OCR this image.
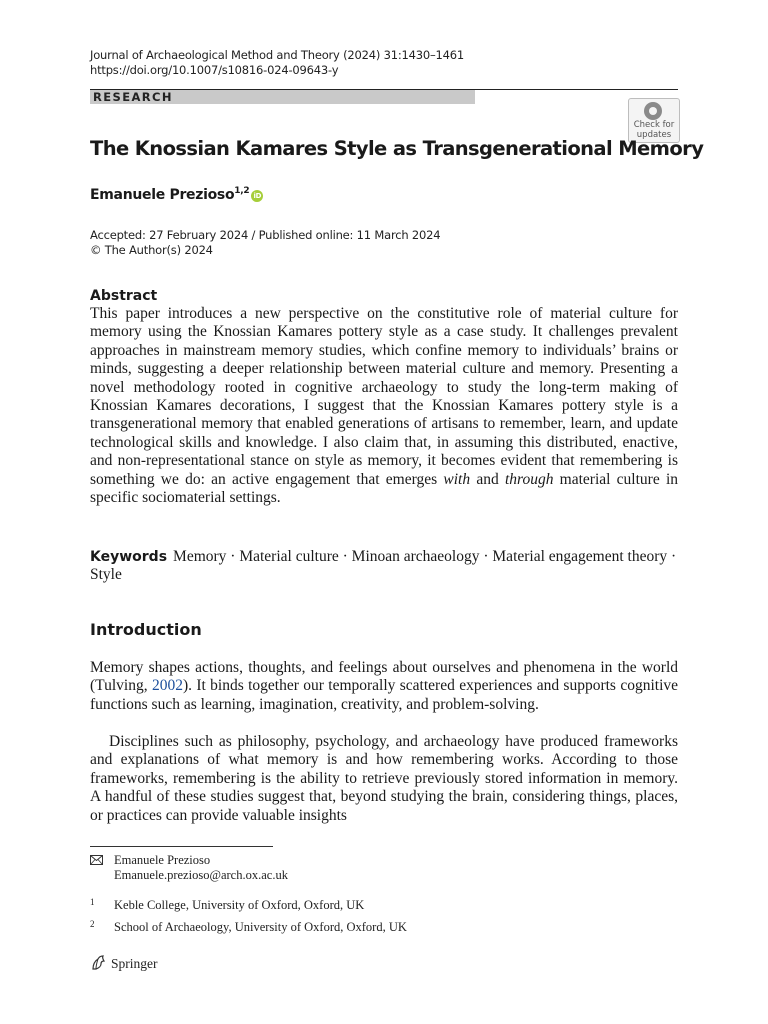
Journal of Archaeological Method and Theory (2024) 31:1430–1461
https://doi.org/10.1007/s10816-024-09643-y
RESEARCH
Check for
updates
The Knossian Kamares Style as Transgenerational Memory
Emanuele Prezioso$^{1,2}$ iD
Accepted: 27 February 2024 / Published online: 11 March 2024
© The Author(s) 2024
Abstract
This paper introduces a new perspective on the constitutive role of material culture for memory using the Knossian Kamares pottery style as a case study. It challenges prevalent approaches in mainstream memory studies, which confine memory to individuals’ brains or minds, suggesting a deeper relationship between material culture and memory. Presenting a novel methodology rooted in cognitive archaeology to study the long-term making of Knossian Kamares decorations, I suggest that the Knossian Kamares pottery style is a transgenerational memory that enabled generations of artisans to remember, learn, and update technological skills and knowledge. I also claim that, in assuming this distributed, enactive, and non-representational stance on style as memory, it becomes evident that remembering is something we do: an active engagement that emerges with and through material culture in specific sociomaterial settings.
Keywords Memory · Material culture · Minoan archaeology · Material engagement theory · Style
Introduction
Memory shapes actions, thoughts, and feelings about ourselves and phenomena in the world (Tulving, 2002). It binds together our temporally scattered experiences and supports cognitive functions such as learning, imagination, creativity, and problem-solving.
Disciplines such as philosophy, psychology, and archaeology have produced frameworks and explanations of what memory is and how remembering works. According to those frameworks, remembering is the ability to retrieve previously stored information in memory. A handful of these studies suggest that, beyond studying the brain, considering things, places, or practices can provide valuable insights
Emanuele Prezioso
Emanuele.prezioso@arch.ox.ac.uk
1 Keble College, University of Oxford, Oxford, UK
2 School of Archaeology, University of Oxford, Oxford, UK
Springer
